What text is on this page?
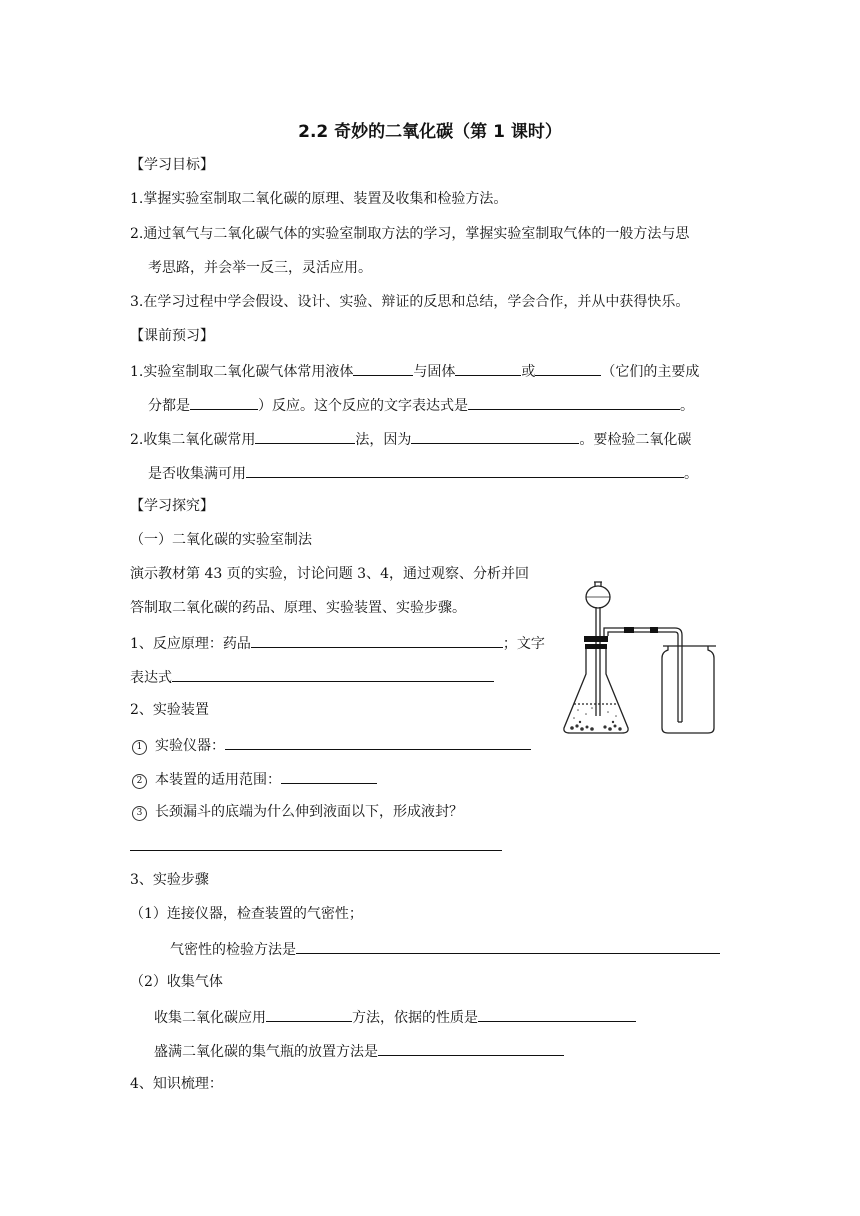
2.2 奇妙的二氧化碳（第 1 课时）
【学习目标】
1.掌握实验室制取二氧化碳的原理、装置及收集和检验方法。
2.通过氧气与二氧化碳气体的实验室制取方法的学习，掌握实验室制取气体的一般方法与思
考思路，并会举一反三，灵活应用。
3.在学习过程中学会假设、设计、实验、辩证的反思和总结，学会合作，并从中获得快乐。
【课前预习】
1.实验室制取二氧化碳气体常用液体	与固体	或	（它们的主要成
分都是	）反应。这个反应的文字表达式是	。
2.收集二氧化碳常用	法，因为	。要检验二氧化碳
是否收集满可用	。
【学习探究】
（一）二氧化碳的实验室制法
演示教材第 43 页的实验，讨论问题 3、4，通过观察、分析并回
答制取二氧化碳的药品、原理、实验装置、实验步骤。
1、反应原理：药品	；文字
表达式
2、实验装置
1 实验仪器：
2 本装置的适用范围：
3 长颈漏斗的底端为什么伸到液面以下，形成液封？
3、实验步骤
（1）连接仪器，检查装置的气密性；
气密性的检验方法是
（2）收集气体
收集二氧化碳应用	方法，依据的性质是
盛满二氧化碳的集气瓶的放置方法是
4、知识梳理：
